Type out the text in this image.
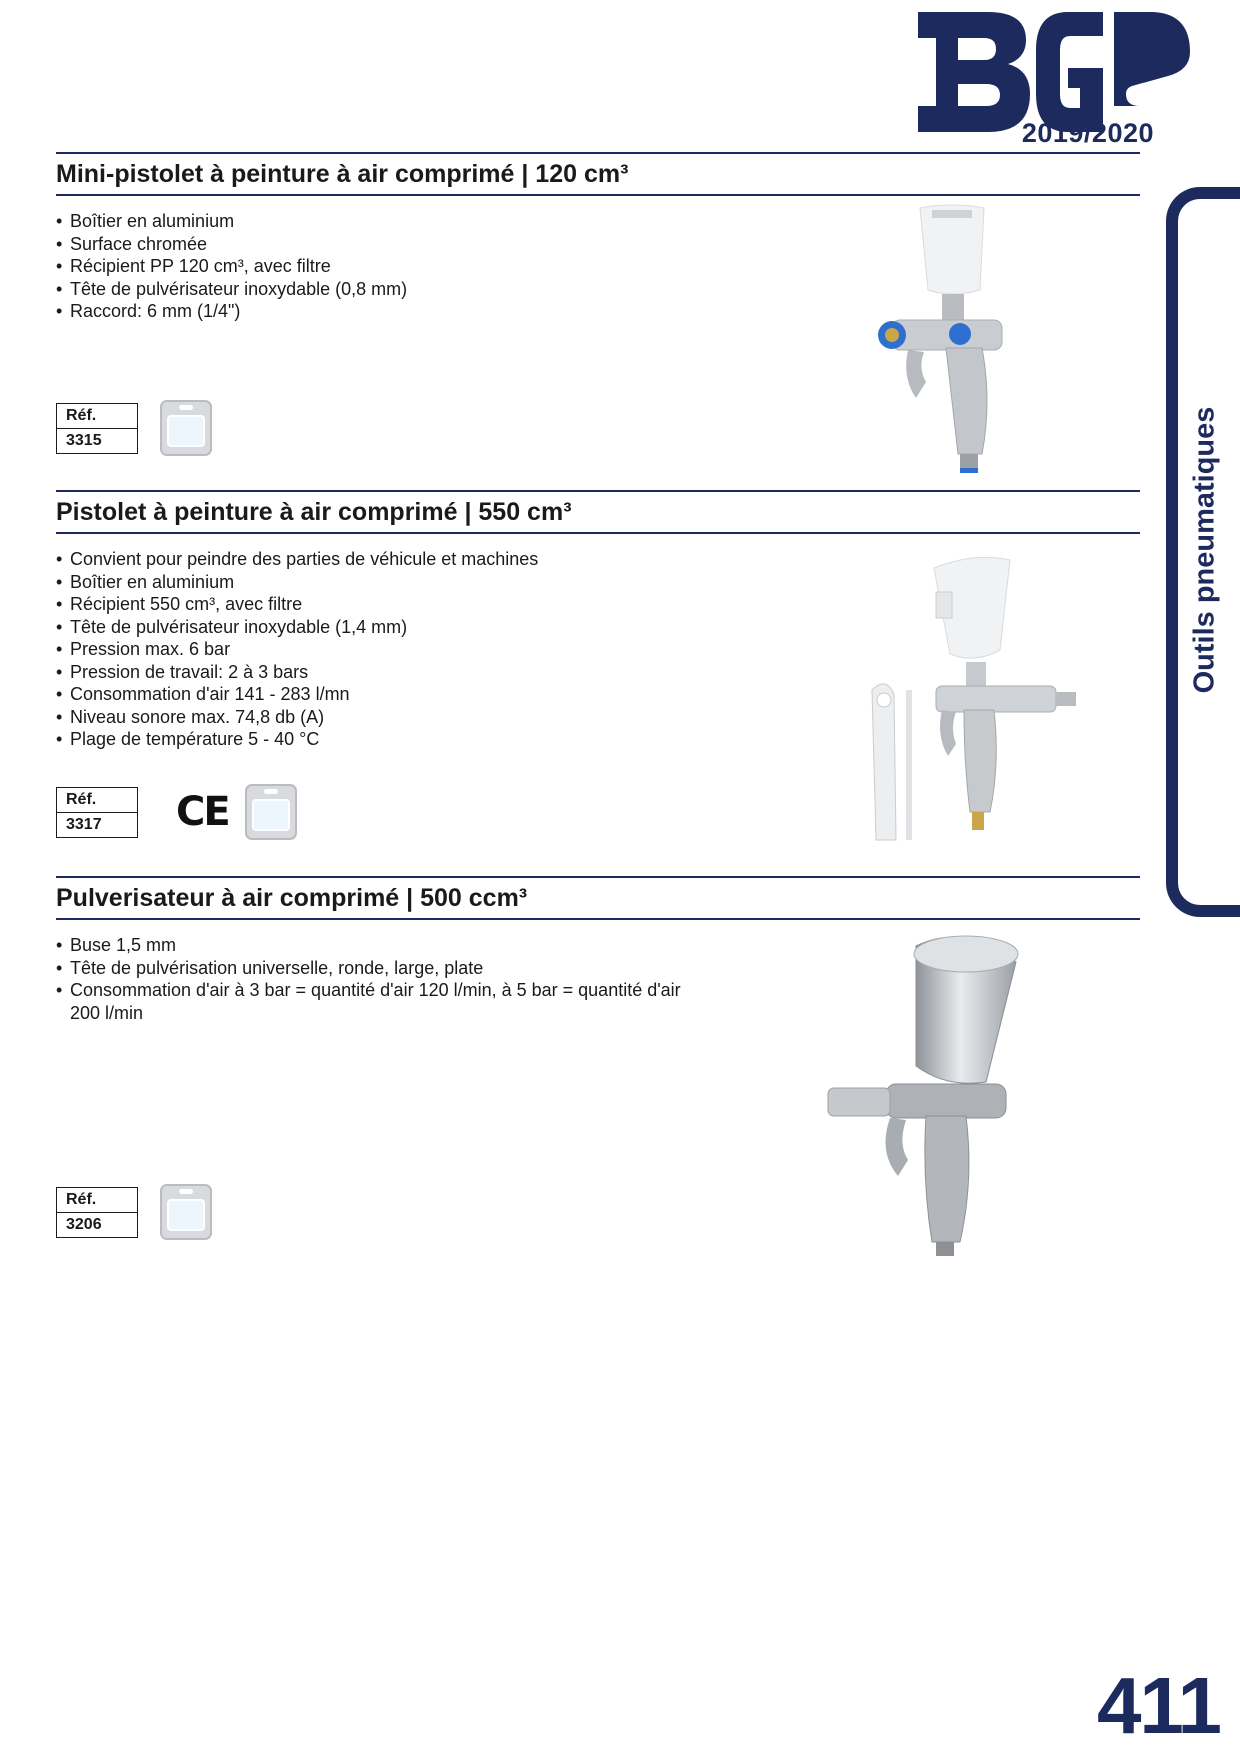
2019/2020
Outils pneumatiques
Mini-pistolet à peinture à air comprimé | 120 cm³
• Boîtier en aluminium
• Surface chromée
• Récipient PP 120 cm³, avec filtre
• Tête de pulvérisateur inoxydable (0,8 mm)
• Raccord: 6 mm (1/4")
Réf.
3315
Pistolet à peinture à air comprimé | 550 cm³
• Convient pour peindre des parties de véhicule et machines
• Boîtier en aluminium
• Récipient 550 cm³, avec filtre
• Tête de pulvérisateur inoxydable (1,4 mm)
• Pression max. 6 bar
• Pression de travail: 2 à 3 bars
• Consommation d'air 141 - 283 l/mn
• Niveau sonore max. 74,8 db (A)
• Plage de température 5 - 40 °C
Réf.
3317	CE
Pulverisateur à air comprimé | 500 ccm³
• Buse 1,5 mm
• Tête de pulvérisation universelle, ronde, large, plate
• Consommation d'air à 3 bar = quantité d'air 120 l/min, à 5 bar = quantité d'air 200 l/min
Réf.
3206
411
